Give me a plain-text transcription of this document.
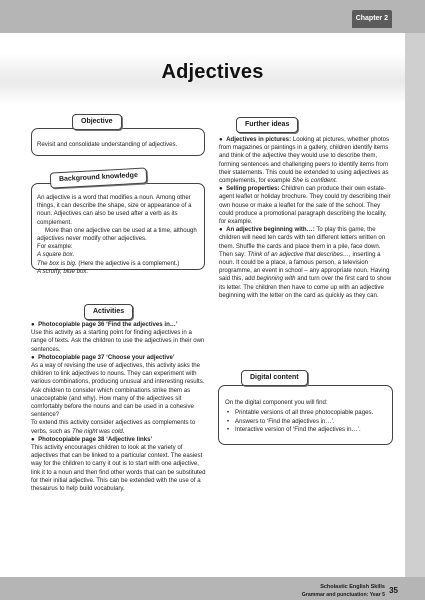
Chapter 2
Adjectives
Revisit and consolidate understanding of adjectives.
Objective

An adjective is a word that modifies a noun. Among other things, it can describe the shape, size or appearance of a noun. Adjectives can also be used after a verb as its complement.

More than one adjective can be used at a time, although adjectives never modify other adjectives.

For example:

A square box.

The box is big. (Here the adjective is a complement.)

A scruffy, blue box.

Background knowledge
Activities

●  Photocopiable page 36 ‘Find the adjectives in…’

Use this activity as a starting point for finding adjectives in a range of texts. Ask the children to use the adjectives in their own sentences.

●  Photocopiable page 37 ‘Choose your adjective’

As a way of revising the use of adjectives, this activity asks the children to link adjectives to nouns. They can experiment with various combinations, producing unusual and interesting results. Ask children to consider which combinations strike them as unacceptable (and why). How many of the adjectives sit comfortably before the nouns and can be used in a cohesive sentence?

To extend this activity consider adjectives as complements to verbs, such as The night was cold.

●  Photocopiable page 38 ‘Adjective links’

This activity encourages children to look at the variety of adjectives that can be linked to a particular context. The easiest way for the children to carry it out is to start with one adjective, link it to a noun and then find other words that can be substituted for their initial adjective. This can be extended with the use of a thesaurus to help build vocabulary.

Further ideas

●  Adjectives in pictures: Looking at pictures, whether photos from magazines or paintings in a gallery, children identify items and think of the adjective they would use to describe them, forming sentences and challenging peers to identify items from their statements. This could be extended to using adjectives as complements, for example She is confident.

●  Selling properties: Children can produce their own estate-agent leaflet or holiday brochure. They could try describing their own house or make a leaflet for the sale of the school. They could produce a promotional paragraph describing the locality, for example.

●  An adjective beginning with…: To play this game, the children will need ten cards with ten different letters written on them. Shuffle the cards and place them in a pile, face down. Then say: Think of an adjective that describes…, inserting a noun. It could be a place, a famous person, a television programme, an event in school – any appropriate noun. Having said this, add beginning with and turn over the first card to show its letter. The children then have to come up with an adjective beginning with the letter on the card as quickly as they can.

On the digital component you will find:

• Printable versions of all three photocopiable pages.
• Answers to ‘Find the adjectives in…’.
• Interactive version of ‘Find the adjectives in…’.
Digital content
Scholastic English Skills
Grammar and punctuation: Year 5 35
